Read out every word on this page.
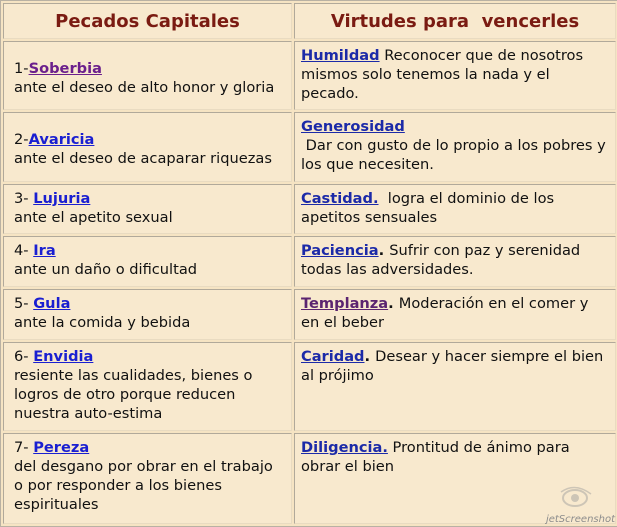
Pecados Capitales	Virtudes para  vencerles
1-Soberbia
ante el deseo de alto honor y gloria	Humildad Reconocer que de nosotros mismos solo tenemos la nada y el pecado.
2-Avaricia
ante el deseo de acaparar riquezas	Generosidad
Dar con gusto de lo propio a los pobres y los que necesiten.
3- Lujuria
ante el apetito sexual	Castidad. logra el dominio de los apetitos sensuales
4- Ira
ante un daño o dificultad	Paciencia. Sufrir con paz y serenidad todas las adversidades.
5- Gula
ante la comida y bebida	Templanza. Moderación en el comer y en el beber
6- Envidia
resiente las cualidades, bienes o logros de otro porque reducen nuestra auto-estima	Caridad. Desear y hacer siempre el bien al prójimo
7- Pereza
del desgano por obrar en el trabajo o por responder a los bienes espirituales	Diligencia. Prontitud de ánimo para obrar el bien
jetScreenshot
